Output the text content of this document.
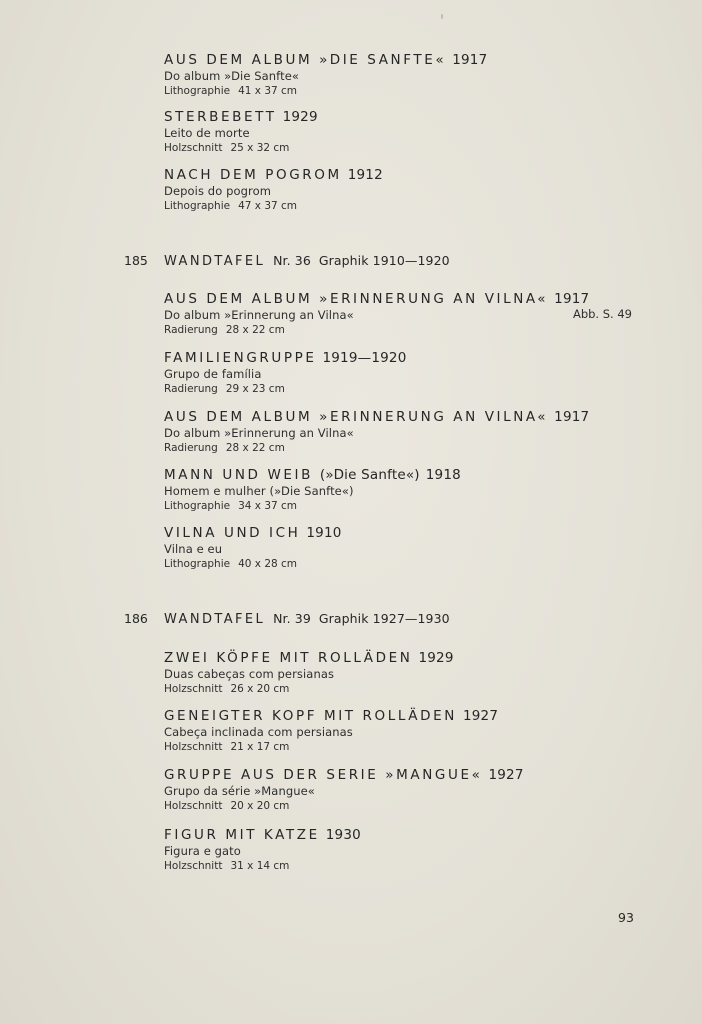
AUS DEM ALBUM »DIE SANFTE« 1917
Do album »Die Sanfte«
Lithographie 41 x 37 cm
STERBEBETT 1929
Leito de morte
Holzschnitt 25 x 32 cm
NACH DEM POGROM 1912
Depois do pogrom
Lithographie 47 x 37 cm
185 WANDTAFEL Nr. 36 Graphik 1910—1920
AUS DEM ALBUM »ERINNERUNG AN VILNA« 1917
Do album »Erinnerung an Vilna«
Radierung 28 x 22 cm
Abb. S. 49
FAMILIENGRUPPE 1919—1920
Grupo de família
Radierung 29 x 23 cm
AUS DEM ALBUM »ERINNERUNG AN VILNA« 1917
Do album »Erinnerung an Vilna«
Radierung 28 x 22 cm
MANN UND WEIB (»Die Sanfte«) 1918
Homem e mulher (»Die Sanfte«)
Lithographie 34 x 37 cm
VILNA UND ICH 1910
Vilna e eu
Lithographie 40 x 28 cm
186 WANDTAFEL Nr. 39 Graphik 1927—1930
ZWEI KÖPFE MIT ROLLÄDEN 1929
Duas cabeças com persianas
Holzschnitt 26 x 20 cm
GENEIGTER KOPF MIT ROLLÄDEN 1927
Cabeça inclinada com persianas
Holzschnitt 21 x 17 cm
GRUPPE AUS DER SERIE »MANGUE« 1927
Grupo da série »Mangue«
Holzschnitt 20 x 20 cm
FIGUR MIT KATZE 1930
Figura e gato
Holzschnitt 31 x 14 cm
93
